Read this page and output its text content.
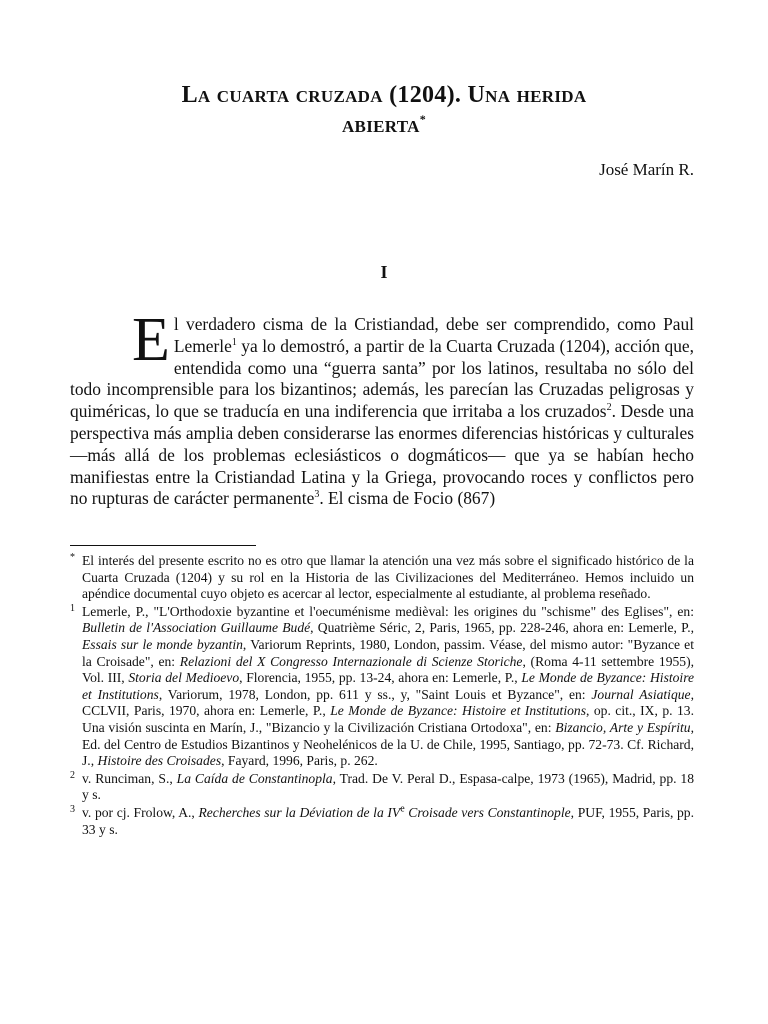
La cuarta cruzada (1204). Una herida
abierta*
José Marín R.
I
El verdadero cisma de la Cristiandad, debe ser comprendido, como Paul Lemerle$^1$ ya lo demostró, a partir de la Cuarta Cruzada (1204), acción que, entendida como una “guerra santa” por los latinos, resultaba no sólo del todo incomprensible para los bizantinos; además, les parecían las Cruzadas peligrosas y quiméricas, lo que se traducía en una indiferencia que irritaba a los cruzados$^2$. Desde una perspectiva más amplia deben considerarse las enormes diferencias históricas y culturales —más allá de los problemas eclesiásticos o dogmáticos— que ya se habían hecho manifiestas entre la Cristiandad Latina y la Griega, provocando roces y conflictos pero no rupturas de carácter permanente$^3$. El cisma de Focio (867)
* El interés del presente escrito no es otro que llamar la atención una vez más sobre el significado histórico de la Cuarta Cruzada (1204) y su rol en la Historia de las Civilizaciones del Mediterráneo. Hemos incluido un apéndice documental cuyo objeto es acercar al lector, especialmente al estudiante, al problema reseñado.
1 Lemerle, P., "L'Orthodoxie byzantine et l'oecuménisme medièval: les origines du "schisme" des Eglises", en: Bulletin de l'Association Guillaume Budé, Quatrième Séric, 2, Paris, 1965, pp. 228-246, ahora en: Lemerle, P., Essais sur le monde byzantin, Variorum Reprints, 1980, London, passim. Véase, del mismo autor: "Byzance et la Croisade", en: Relazioni del X Congresso Internazionale di Scienze Storiche, (Roma 4-11 settembre 1955), Vol. III, Storia del Medioevo, Florencia, 1955, pp. 13-24, ahora en: Lemerle, P., Le Monde de Byzance: Histoire et Institutions, Variorum, 1978, London, pp. 611 y ss., y, "Saint Louis et Byzance", en: Journal Asiatique, CCLVII, Paris, 1970, ahora en: Lemerle, P., Le Monde de Byzance: Histoire et Institutions, op. cit., IX, p. 13. Una visión suscinta en Marín, J., "Bizancio y la Civilización Cristiana Ortodoxa", en: Bizancio, Arte y Espíritu, Ed. del Centro de Estudios Bizantinos y Neohelénicos de la U. de Chile, 1995, Santiago, pp. 72-73. Cf. Richard, J., Histoire des Croisades, Fayard, 1996, Paris, p. 262.
2 v. Runciman, S., La Caída de Constantinopla, Trad. De V. Peral D., Espasa-calpe, 1973 (1965), Madrid, pp. 18 y s.
3 v. por cj. Frolow, A., Recherches sur la Déviation de la IVe Croisade vers Constantinople, PUF, 1955, Paris, pp. 33 y s.
